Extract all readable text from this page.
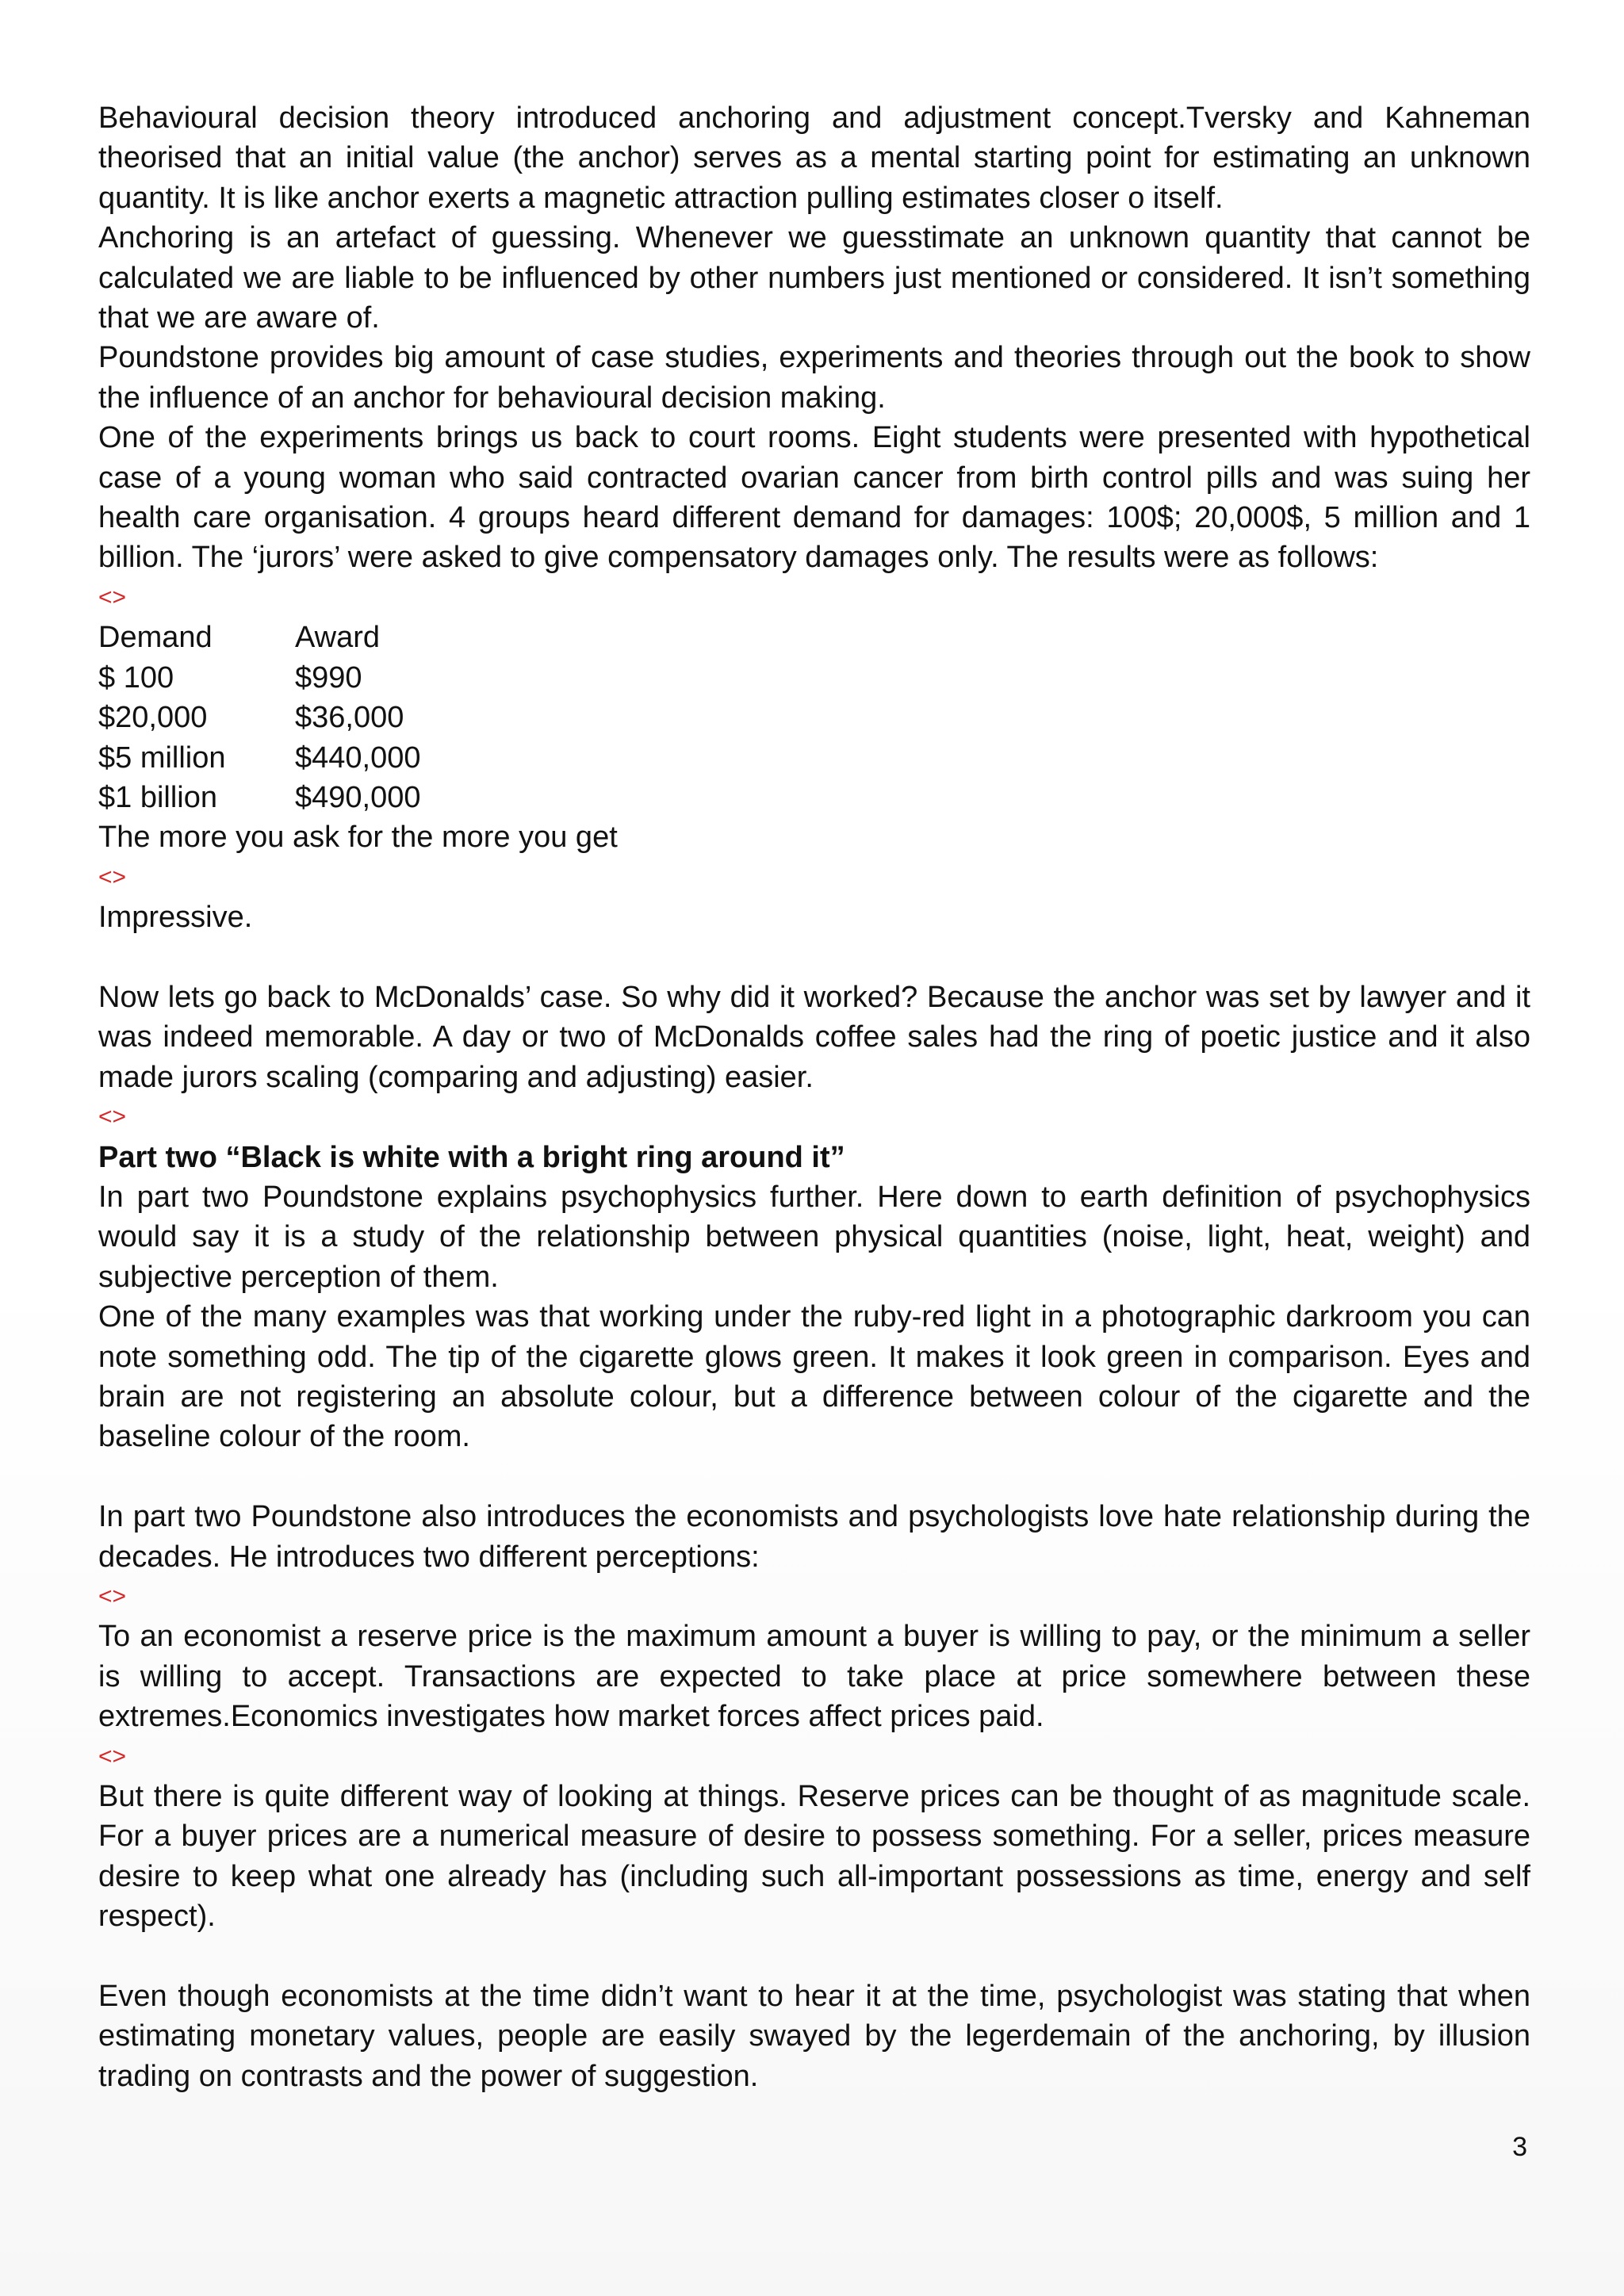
Behavioural decision theory introduced anchoring and adjustment concept.Tversky and Kahneman theorised that an initial value (the anchor) serves as a mental starting point for estimating an unknown quantity. It is like anchor exerts a magnetic attraction pulling estimates closer o itself.

Anchoring is an artefact of guessing. Whenever we guesstimate an unknown quantity that cannot be calculated we are liable to be influenced by other numbers just mentioned or considered. It isn’t something that we are aware of.

Poundstone provides big amount of case studies, experiments and theories through out the book to show the influence of an anchor for behavioural decision making.

One of the experiments brings us back to court rooms. Eight students were presented with hypothetical case of a young woman who said contracted ovarian cancer from birth control pills and was suing her health care organisation. 4 groups heard different demand for damages: 100$; 20,000$, 5 million and 1 billion. The ‘jurors’ were asked to give compensatory damages only. The results were as follows:

<>
Demand	Award
$ 100	$990
$20,000	$36,000
$5 million	$440,000
$1 billion	$490,000

The more you ask for the more you get

<>

Impressive.

Now lets go back to McDonalds’ case. So why did it worked? Because the anchor was set by lawyer and it was indeed memorable. A day or two of McDonalds coffee sales had the ring of poetic justice and it also made jurors scaling (comparing and adjusting) easier.

<>

Part two “Black is white with a bright ring around it”

In part two Poundstone explains psychophysics further. Here down to earth definition of psychophysics would say it is a study of the relationship between physical quantities (noise, light, heat, weight) and subjective perception of them.

One of the many examples was that working under the ruby-red light in a photographic darkroom you can note something odd. The tip of the cigarette glows green. It makes it look green in comparison. Eyes and brain are not registering an absolute colour, but a difference between colour of the cigarette and the baseline colour of the room.

In part two Poundstone also introduces the economists and psychologists love hate relationship during the decades. He introduces two different perceptions:

<>

To an economist a reserve price is the maximum amount a buyer is willing to pay, or the minimum a seller is willing to accept. Transactions are expected to take place at price somewhere between these extremes.Economics investigates how market forces affect prices paid.

<>

But there is quite different way of looking at things. Reserve prices can be thought of as magnitude scale. For a buyer prices are a numerical measure of desire to possess something. For a seller, prices measure desire to keep what one already has (including such all-important possessions as time, energy and self respect).

Even though economists at the time didn’t want to hear it at the time, psychologist was stating that when estimating monetary values, people are easily swayed by the legerdemain of the anchoring, by illusion trading on contrasts and the power of suggestion.

3
